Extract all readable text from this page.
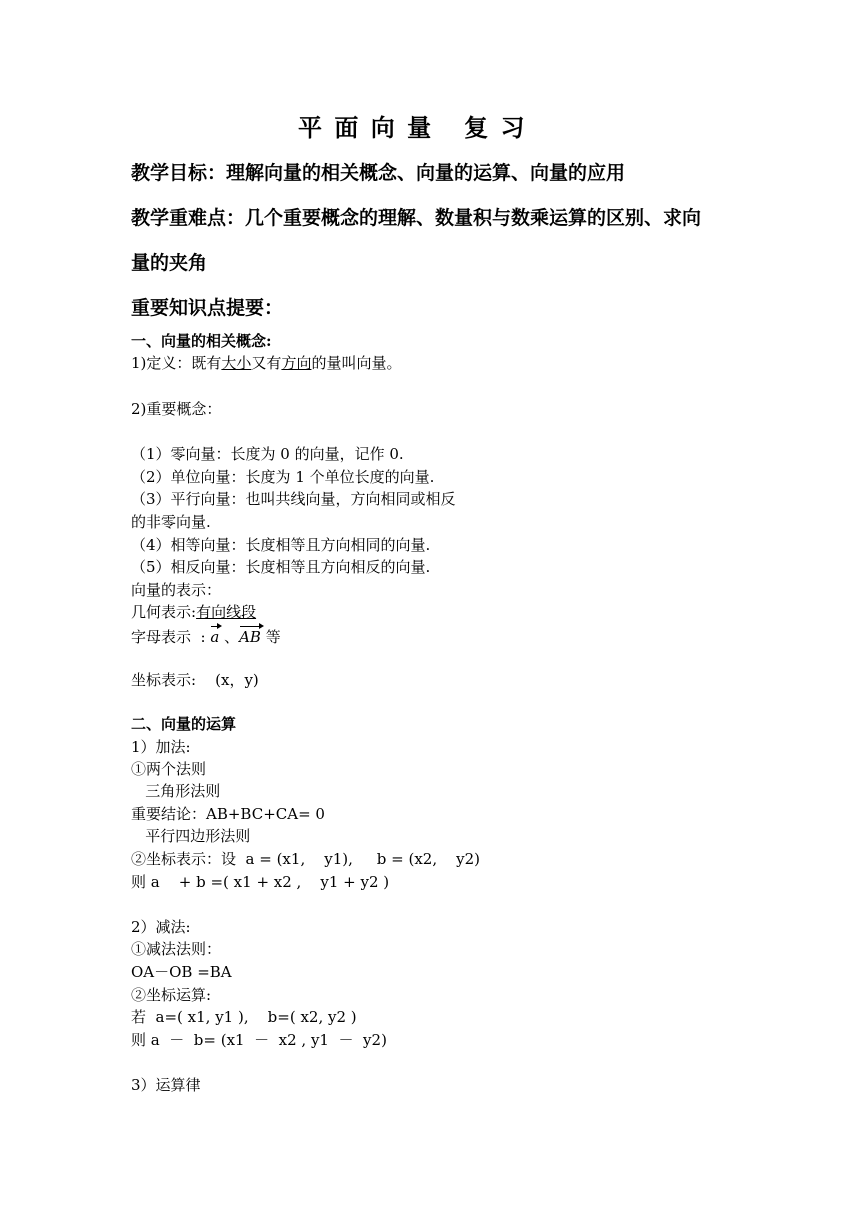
平 面 向 量   复 习
教学目标：理解向量的相关概念、向量的运算、向量的应用
教学重难点：几个重要概念的理解、数量积与数乘运算的区别、求向
量的夹角
重要知识点提要：
一、向量的相关概念:
1)定义：既有大小又有方向的量叫向量。
2)重要概念：
（1）零向量：长度为 0 的向量，记作 0.
（2）单位向量：长度为 1 个单位长度的向量.
（3）平行向量：也叫共线向量，方向相同或相反
的非零向量.
（4）相等向量：长度相等且方向相同的向量.
（5）相反向量：长度相等且方向相反的向量.
向量的表示：
几何表示:有向线段
字母表示  : a 、AB 等
坐标表示:    (x，y)
二、向量的运算
1）加法:
①两个法则
三角形法则
重要结论：AB+BC+CA= 0
平行四边形法则
②坐标表示：设  a = (x1,    y1),     b = (x2,    y2)
则 a    + b =( x1 + x2 ,    y1 + y2 )
2）减法:
①减法法则：
OA－OB =BA
②坐标运算:
若  a=( x1, y1 ),    b=( x2, y2 )
则 a  －  b= (x1  －  x2 , y1  －  y2)
3）运算律
